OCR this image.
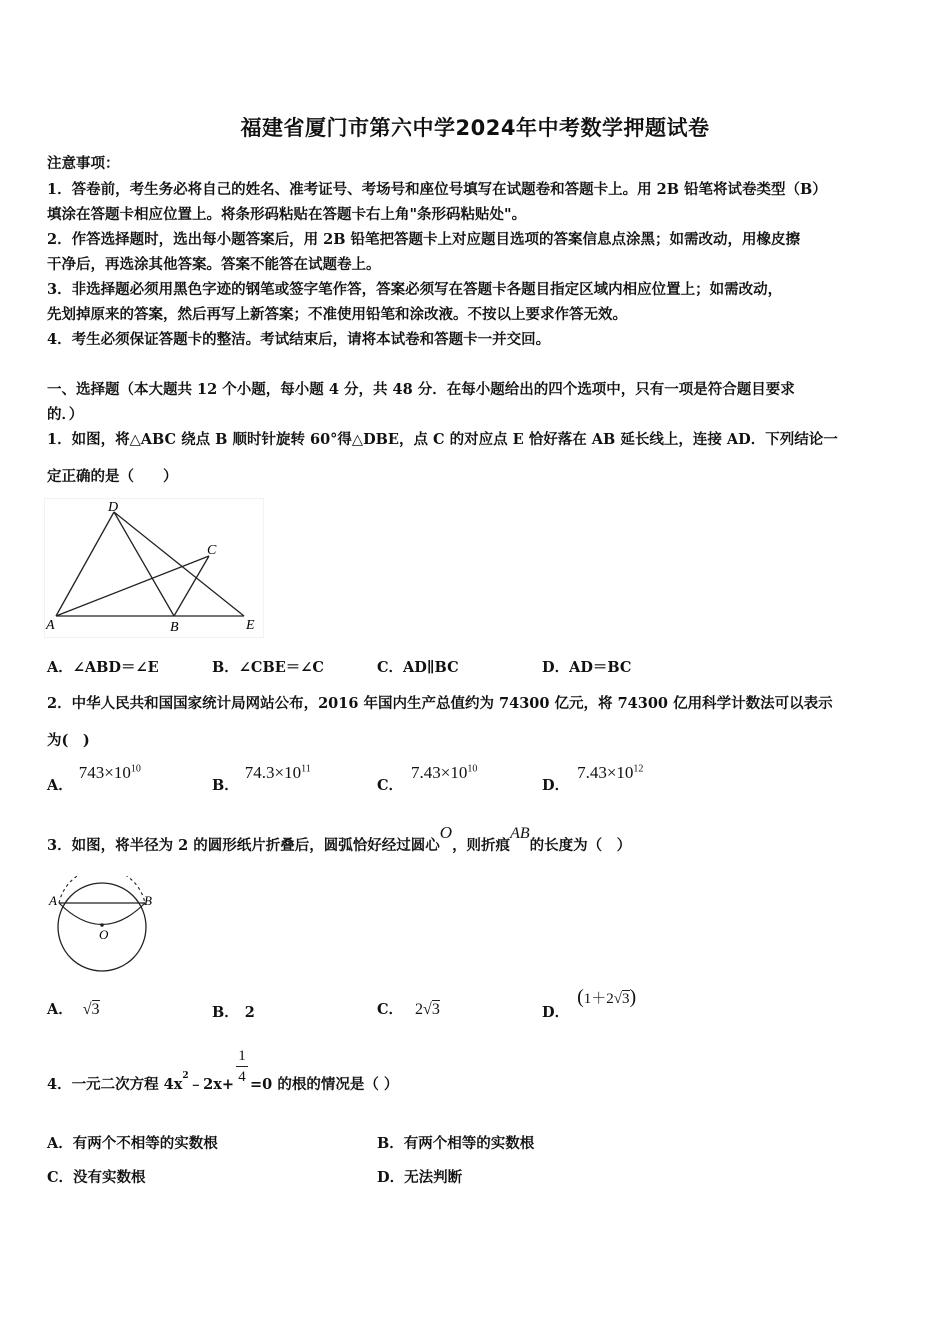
福建省厦门市第六中学2024年中考数学押题试卷
注意事项：
1．答卷前，考生务必将自己的姓名、准考证号、考场号和座位号填写在试题卷和答题卡上。用 2B 铅笔将试卷类型（B）
填涂在答题卡相应位置上。将条形码粘贴在答题卡右上角"条形码粘贴处"。
2．作答选择题时，选出每小题答案后，用 2B 铅笔把答题卡上对应题目选项的答案信息点涂黑；如需改动，用橡皮擦
干净后，再选涂其他答案。答案不能答在试题卷上。
3．非选择题必须用黑色字迹的钢笔或签字笔作答，答案必须写在答题卡各题目指定区域内相应位置上；如需改动，
先划掉原来的答案，然后再写上新答案；不准使用铅笔和涂改液。不按以上要求作答无效。
4．考生必须保证答题卡的整洁。考试结束后，请将本试卷和答题卡一并交回。
一、选择题（本大题共 12 个小题，每小题 4 分，共 48 分．在每小题给出的四个选项中，只有一项是符合题目要求
的．）
1．如图，将△ABC 绕点 B 顺时针旋转 60°得△DBE，点 C 的对应点 E 恰好落在 AB 延长线上，连接 AD．下列结论一
定正确的是（　　）
D
C
A	B	E
A．∠ABD＝∠E	B．∠CBE＝∠C	C．AD∥BC	D．AD＝BC
2．中华人民共和国国家统计局网站公布，2016 年国内生产总值约为 74300 亿元，将 74300 亿用科学计数法可以表示
为(　)
A．$743\times 10^{10}$
B．$74.3\times 10^{11}$
C．$7.43\times 10^{10}$
D．$7.43\times 10^{12}$
3．如图，将半径为 2 的圆形纸片折叠后，圆弧恰好经过圆心O，则折痕AB的长度为（　）
A	B
O
A． √3	B． 2	C． 2√3	D．(1＋2√3)
4．一元二次方程 $4x^2﹣2x+ \frac{1}{4} =0$ 的根的情况是（ ）
A．有两个不相等的实数根	B．有两个相等的实数根
C．没有实数根	D．无法判断
